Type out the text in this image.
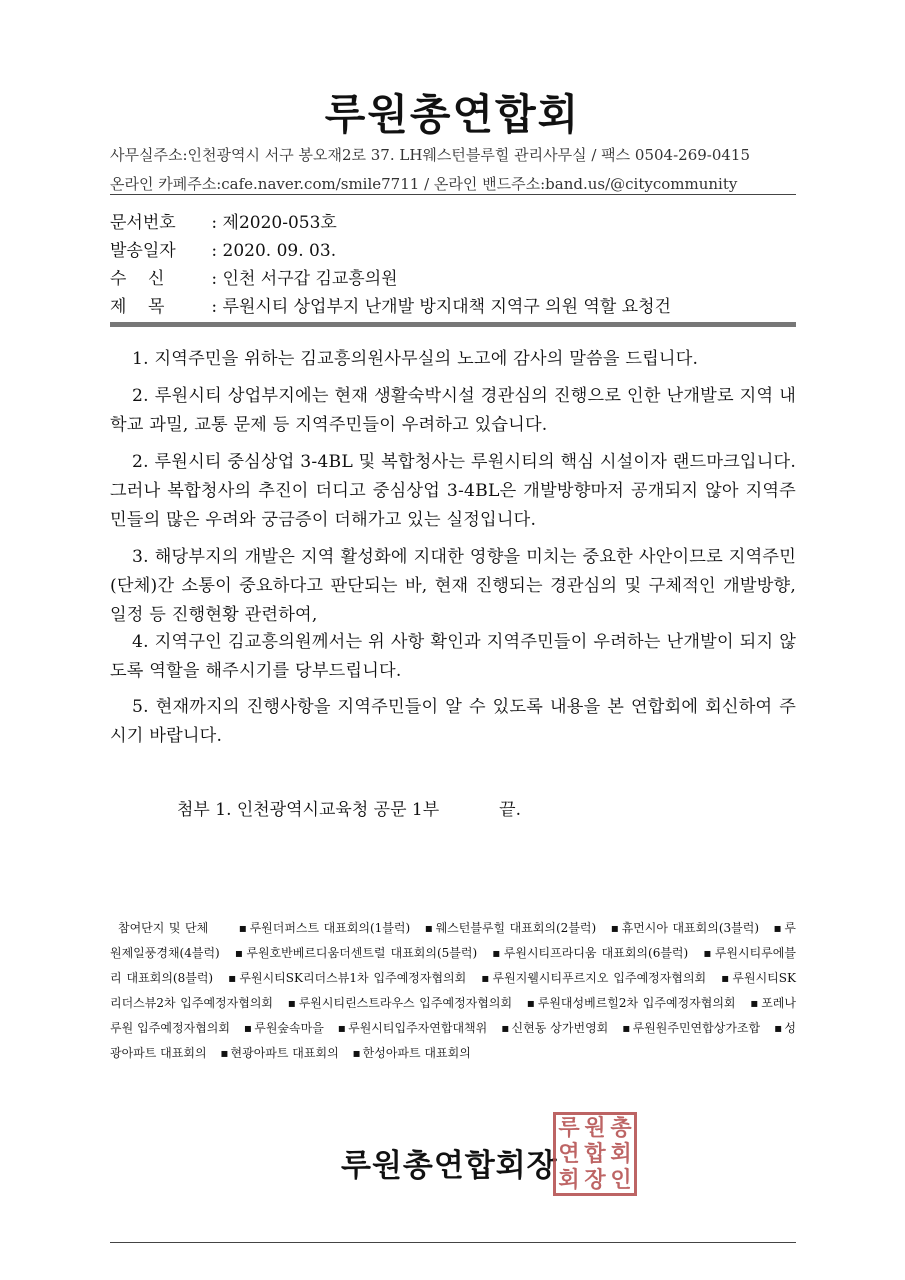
루원총연합회
사무실주소:인천광역시 서구 봉오재2로 37. LH웨스턴블루힐 관리사무실 / 팩스 0504-269-0415
온라인 카페주소:cafe.naver.com/smile7711 / 온라인 밴드주소:band.us/@citycommunity
문서번호 : 제2020-053호
발송일자 : 2020. 09. 03.
수    신 : 인천 서구갑 김교흥의원
제    목 : 루원시티 상업부지 난개발 방지대책 지역구 의원 역할 요청건

1. 지역주민을 위하는 김교흥의원사무실의 노고에 감사의 말씀을 드립니다.

2. 루원시티 상업부지에는 현재 생활숙박시설 경관심의 진행으로 인한 난개발로 지역 내 학교 과밀, 교통 문제 등 지역주민들이 우려하고 있습니다.

2. 루원시티 중심상업 3-4BL 및 복합청사는 루원시티의 핵심 시설이자 랜드마크입니다. 그러나 복합청사의 추진이 더디고 중심상업 3-4BL은 개발방향마저 공개되지 않아 지역주민들의 많은 우려와 궁금증이 더해가고 있는 실정입니다.

3. 해당부지의 개발은 지역 활성화에 지대한 영향을 미치는 중요한 사안이므로 지역주민(단체)간 소통이 중요하다고 판단되는 바, 현재 진행되는 경관심의 및 구체적인 개발방향, 일정 등 진행현황 관련하여,

4. 지역구인 김교흥의원께서는 위 사항 확인과 지역주민들이 우려하는 난개발이 되지 않도록 역할을 해주시기를 당부드립니다.

5. 현재까지의 진행사항을 지역주민들이 알 수 있도록 내용을 본 연합회에 회신하여 주시기 바랍니다.

첨부 1. 인천광역시교육청 공문 1부	끝.

참여단지 및 단체	▪ 루원더퍼스트 대표회의(1블럭) ▪ 웨스턴블루힐 대표회의(2블럭) ▪ 휴먼시아 대표회의(3블럭) ▪ 루원제일풍경채(4블럭) ▪ 루원호반베르디움더센트럴 대표회의(5블럭) ▪ 루원시티프라디움 대표회의(6블럭) ▪ 루원시티루에블리 대표회의(8블럭) ▪ 루원시티SK리더스뷰1차 입주예정자협의회 ▪ 루원지웰시티푸르지오 입주예정자협의회 ▪ 루원시티SK리더스뷰2차 입주예정자협의회 ▪ 루원시티린스트라우스 입주예정자협의회 ▪ 루원대성베르힐2차 입주예정자협의회 ▪ 포레나루원 입주예정자협의회 ▪ 루원숲속마을 ▪ 루원시티입주자연합대책위 ▪ 신현동 상가번영회 ▪ 루원원주민연합상가조합 ▪ 성광아파트 대표회의 ▪ 현광아파트 대표회의 ▪ 한성아파트 대표회의

루원총연합회장
루 원 총
연 합 회
회 장 인
